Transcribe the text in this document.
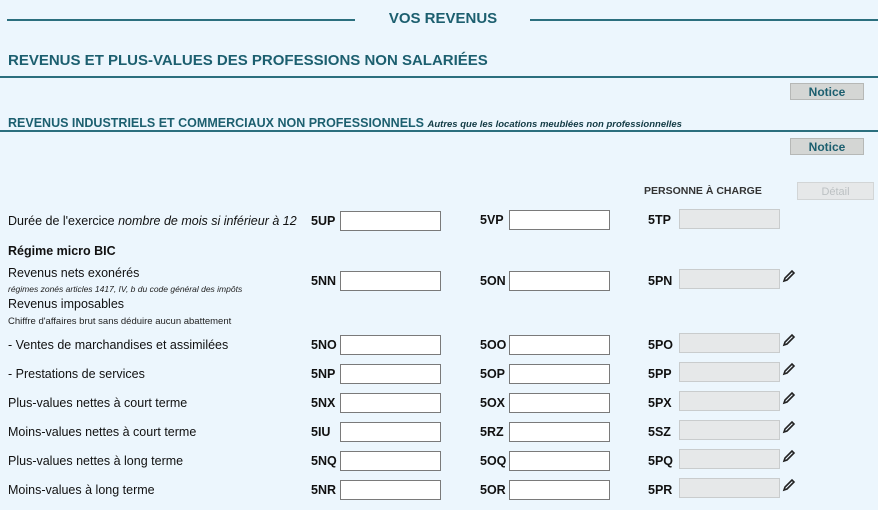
VOS REVENUS
REVENUS ET PLUS-VALUES DES PROFESSIONS NON SALARIÉES
Notice
REVENUS INDUSTRIELS ET COMMERCIAUX NON PROFESSIONNELS Autres que les locations meublées non professionnelles
Notice
PERSONNE À CHARGE	Détail
Durée de l'exercice nombre de mois si inférieur à 12 5UP	5VP	5TP
Régime micro BIC
Revenus nets exonérés
régimes zonés articles 1417, IV, b du code général des impôts
5NN	5ON	5PN
Revenus imposables
Chiffre d'affaires brut sans déduire aucun abattement
- Ventes de marchandises et assimilées	5NO	5OO	5PO
- Prestations de services	5NP	5OP	5PP
Plus-values nettes à court terme	5NX	5OX	5PX
Moins-values nettes à court terme	5IU	5RZ	5SZ
Plus-values nettes à long terme	5NQ	5OQ	5PQ
Moins-values à long terme	5NR	5OR	5PR
